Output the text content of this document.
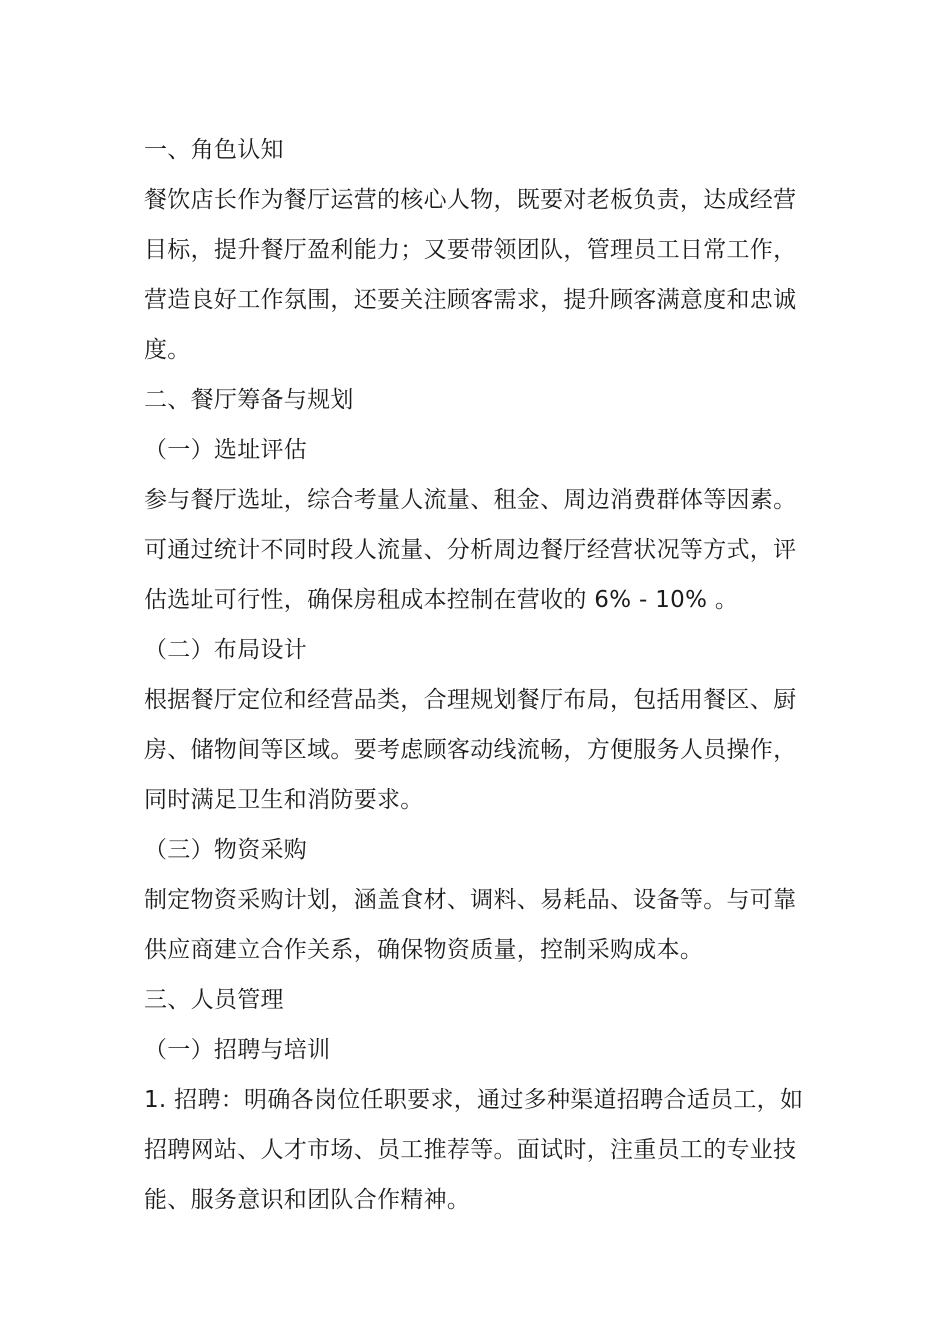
一、角色认知
餐饮店长作为餐厅运营的核心人物，既要对老板负责，达成经营
目标，提升餐厅盈利能力；又要带领团队，管理员工日常工作，
营造良好工作氛围，还要关注顾客需求，提升顾客满意度和忠诚
度。
二、餐厅筹备与规划
（一）选址评估
参与餐厅选址，综合考量人流量、租金、周边消费群体等因素。
可通过统计不同时段人流量、分析周边餐厅经营状况等方式，评
估选址可行性，确保房租成本控制在营收的 6% - 10% 。
（二）布局设计
根据餐厅定位和经营品类，合理规划餐厅布局，包括用餐区、厨
房、储物间等区域。要考虑顾客动线流畅，方便服务人员操作，
同时满足卫生和消防要求。
（三）物资采购
制定物资采购计划，涵盖食材、调料、易耗品、设备等。与可靠
供应商建立合作关系，确保物资质量，控制采购成本。
三、人员管理
（一）招聘与培训
1. 招聘：明确各岗位任职要求，通过多种渠道招聘合适员工，如
招聘网站、人才市场、员工推荐等。面试时，注重员工的专业技
能、服务意识和团队合作精神。
